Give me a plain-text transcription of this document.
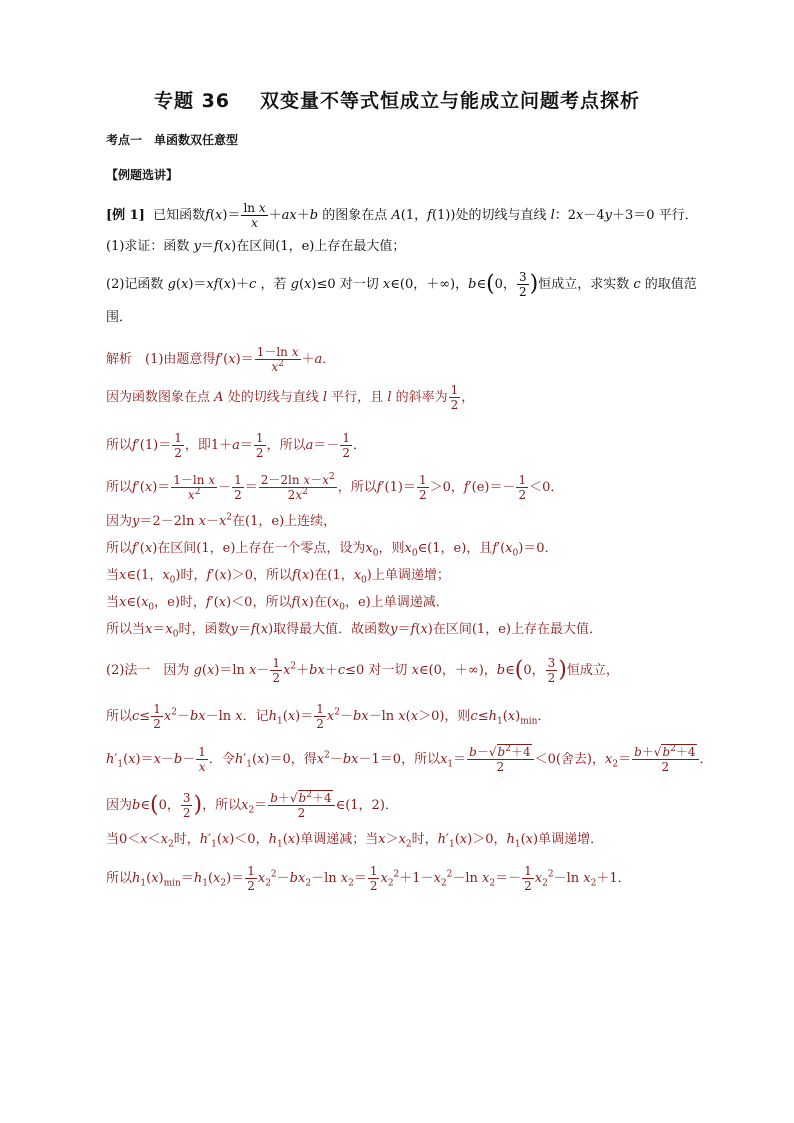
专题 36 双变量不等式恒成立与能成立问题考点探析
考点一　单函数双任意型
【例题选讲】
[例 1] 已知函数$f(x)= \frac{\text{ln x}}{x} +ax+b$ 的图象在点 A(1，f(1))处的切线与直线 l：2x－4y＋3＝0 平行．
(1)求证：函数 y＝f(x)在区间(1，e)上存在最大值；
(2)记函数 g(x)＝xf(x)＋c ，若 g(x)≤0 对一切 x∈(0，＋∞)，b∈(0， $\frac{3}{2}$ )恒成立，求实数 c 的取值范
围．
解析　(1)由题意得$f'(x)= \frac{\text{1－ln x}}{x^2} +a$．
因为函数图象在点 A 处的切线与直线 l 平行，且 l 的斜率为 $\frac{1}{2}$ ，
所以$f'(1)= \frac{1}{2}$ ，即$1+a= \frac{1}{2}$ ，所以$a=- \frac{1}{2}$ ．
所以$f'(x)= \frac{\text{1－ln x}}{x^2} - \frac{1}{2} = \frac{2-2\ln x-x^2}{2x^2}$ ，所以$f'(1)= \frac{1}{2} >0$，$f'(e)=- \frac{1}{2} <0$．
因为y＝2－2ln $x-x^2$在(1，e)上连续，
所以f′(x)在区间(1，e)上存在一个零点，设为$x_0$，则$x_0\in(1$，e)，且$f'(x_0)=0$．
当x∈(1，$x_0$)时，f′(x)＞0，所以f(x)在(1，$x_0$)上单调递增；
当$x\in(x_0$，e)时，f′(x)＜0，所以f(x)在($x_0$，e)上单调递减．
所以当$x=x_0$时，函数y＝f(x)取得最大值．故函数y＝f(x)在区间(1，e)上存在最大值．
(2)法一　因为 g(x)＝ln $x- \frac{1}{2} x^2+bx+c\le 0$ 对一切 x∈(0，＋∞)，b∈(0， $\frac{3}{2}$ )恒成立，
所以$c\le \frac{1}{2} x^2-bx-\ln$ x．记$h_1(x)= \frac{1}{2} x^2-bx-\ln$ x(x＞0)，则$c\le h_1(x)_{min}$．
$h'_1(x)=x-b- \frac{1}{x}$ ．令$h'_1(x)=0$，得$x^2-bx-1=0$，所以$x_1= \frac{b-√b^2+4}{2} <0$(舍去)，$x_2= \frac{b+√b^2+4}{2}$ ．
因为b∈(0， $\frac{3}{2}$ )，所以$x_2= \frac{b+√b^2+4}{2}$ ∈(1，2)．
当$0<x<x_2$时，$h'_1(x)<0$，$h_1(x)$单调递减；当$x>x_2$时，$h'_1(x)>0$，$h_1(x)$单调递增．
所以$h_1(x)_{min}=h_1(x_2)= \frac{1}{2} x_2^2-bx_2-\ln$ $x_2= \frac{1}{2} x_2^2+1-x_2^2-\ln$ $x_2=- \frac{1}{2} x_2^2-\ln$ $x_2+1$．
